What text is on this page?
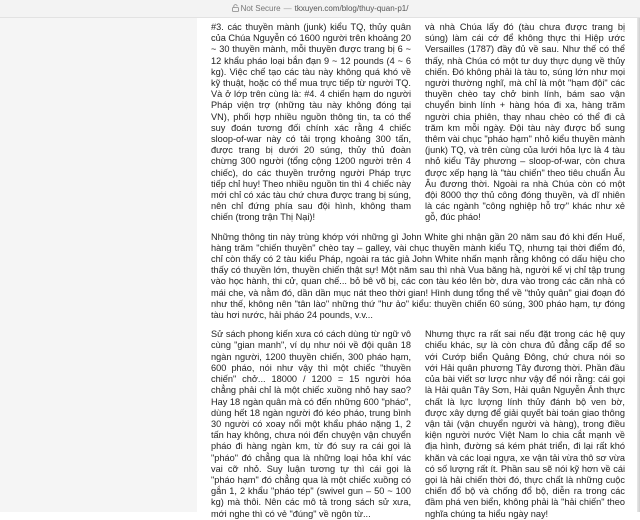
Not Secure — tkxuyen.com/blog/thuy-quan-p1/

#3. các thuyền mành (junk) kiểu TQ, thủy quân của Chúa Nguyễn có 1600 người trên khoảng 20 ~ 30 thuyền mành, mỗi thuyền được trang bị 6 ~ 12 khẩu pháo loại bắn đạn 9 ~ 12 pounds (4 ~ 6 kg). Việc chế tạo các tàu này không quá khó về kỹ thuật, hoặc có thể mua trực tiếp từ người TQ. Và ở lớp trên cùng là: #4. 4 chiến hạm do người Pháp viện trợ (những tàu này không đóng tại VN), phối hợp nhiều nguồn thông tin, ta có thể suy đoán tương đối chính xác rằng 4 chiếc sloop-of-war này có tải trọng khoảng 300 tấn, được trang bị dưới 20 súng, thủy thủ đoàn chừng 300 người (tổng cộng 1200 người trên 4 chiếc), do các thuyền trưởng người Pháp trực tiếp chỉ huy! Theo nhiều nguồn tin thì 4 chiếc này mới chỉ có xác tàu chứ chưa được trang bị súng, nên chỉ đứng phía sau đội hình, không tham chiến (trong trận Thị Nại)!

và nhà Chúa lấy đó (tàu chưa được trang bị súng) làm cái cớ để không thực thi Hiệp ước Versailles (1787) đầy đủ về sau. Như thế có thể thấy, nhà Chúa có một tư duy thực dụng về thủy chiến. Đó không phải là tàu to, súng lớn như mọi người thường nghĩ, mà chỉ là một "hạm đội" các thuyền chèo tay chở binh lính, bám sao vận chuyển binh lính + hàng hóa đi xa, hàng trăm người chia phiên, thay nhau chèo có thể đi cả trăm km mỗi ngày. Đội tàu này được bổ sung thêm vài chục "pháo hạm" nhỏ kiểu thuyền mành (junk) TQ, và trên cùng của lưới hỏa lực là 4 tàu nhỏ kiểu Tây phương – sloop-of-war, còn chưa được xếp hạng là "tàu chiến" theo tiêu chuẩn Âu Âu đương thời. Ngoài ra nhà Chúa còn có một đội 8000 thợ thủ công đóng thuyền, và dĩ nhiên là các ngành "công nghiệp hỗ trợ" khác như xẻ gỗ, đúc pháo!

Những thông tin này trùng khớp với những gì John White ghi nhận gần 20 năm sau đó khi đến Huế, hàng trăm "chiến thuyền" chèo tay – galley, vài chục thuyền mành kiểu TQ, nhưng tại thời điểm đó, chỉ còn thấy có 2 tàu kiểu Pháp, ngoài ra tác giả John White nhấn mạnh rằng không có dấu hiệu cho thấy có thuyền lớn, thuyền chiến thật sự! Một năm sau thì nhà Vua băng hà, người kế vị chỉ tập trung vào học hành, thi cử, quan chế... bỏ bê võ bị, các con tàu kéo lên bờ, dưa vào trong các căn nhà có mái che, và nằm đó, dần dần mục nát theo thời gian! Hình dung tổng thể về "thủy quân" giai đoạn đó như thế, không nên "tân lào" những thứ "hư ảo" kiểu: thuyền chiến 60 súng, 300 pháo hạm, tự đóng tàu hơi nước, hải pháo 24 pounds, v.v...

Sử sách phong kiến xưa có cách dùng từ ngữ vô cùng "gian manh", ví dụ như nói về đội quân 18 ngàn người, 1200 thuyền chiến, 300 pháo hạm, 600 pháo, nói như vậy thì một chiếc "thuyền chiến" chở... 18000 / 1200 = 15 người hóa chẳng phải chỉ là một chiếc xuồng nhỏ hay sao? Hay 18 ngàn quân mà có đến những 600 "pháo", dùng hết 18 ngàn người đó kéo pháo, trung bình 30 người có xoay nổi một khẩu pháo nặng 1, 2 tấn hay không, chưa nói đến chuyện vận chuyển pháo đi hàng ngàn km, từ đó suy ra cái gọi là "pháo" đó chẳng qua là những loại hỏa khí vác vai cỡ nhỏ. Suy luận tương tự thì cái gọi là "pháo hạm" đó chẳng qua là một chiếc xuồng có gắn 1, 2 khẩu "pháo tép" (swivel gun – 50 ~ 100 kg) mà thôi. Nên các mô tả trong sách sử xưa, mới nghe thì có vẻ "đúng" về ngôn từ...

Nhưng thực ra rất sai nếu đặt trong các hệ quy chiếu khác, sự là còn chưa đủ đẳng cấp để so với Cướp biển Quảng Đông, chứ chưa nói so với Hải quân phương Tây đương thời. Phần đầu của bài viết sơ lược như vậy để nói rằng: cái gọi là Hải quân Tây Sơn, Hải quân Nguyễn Ánh thực chất là lực lượng lính thủy đánh bộ ven bờ, được xây dựng để giải quyết bài toán giao thông vận tải (vận chuyển người và hàng), trong điều kiện người nước Việt Nam lo chia cắt mạnh về địa hình, đường sá kém phát triển, đi lại rất khó khăn và các loại ngựa, xe vận tải vừa thô sơ vừa có số lượng rất ít. Phần sau sẽ nói kỹ hơn về cái gọi là hải chiến thời đó, thực chất là những cuộc chiến đổ bộ và chống đổ bộ, diễn ra trong các đầm phá ven biển, không phải là "hải chiến" theo nghĩa chúng ta hiểu ngày nay!
